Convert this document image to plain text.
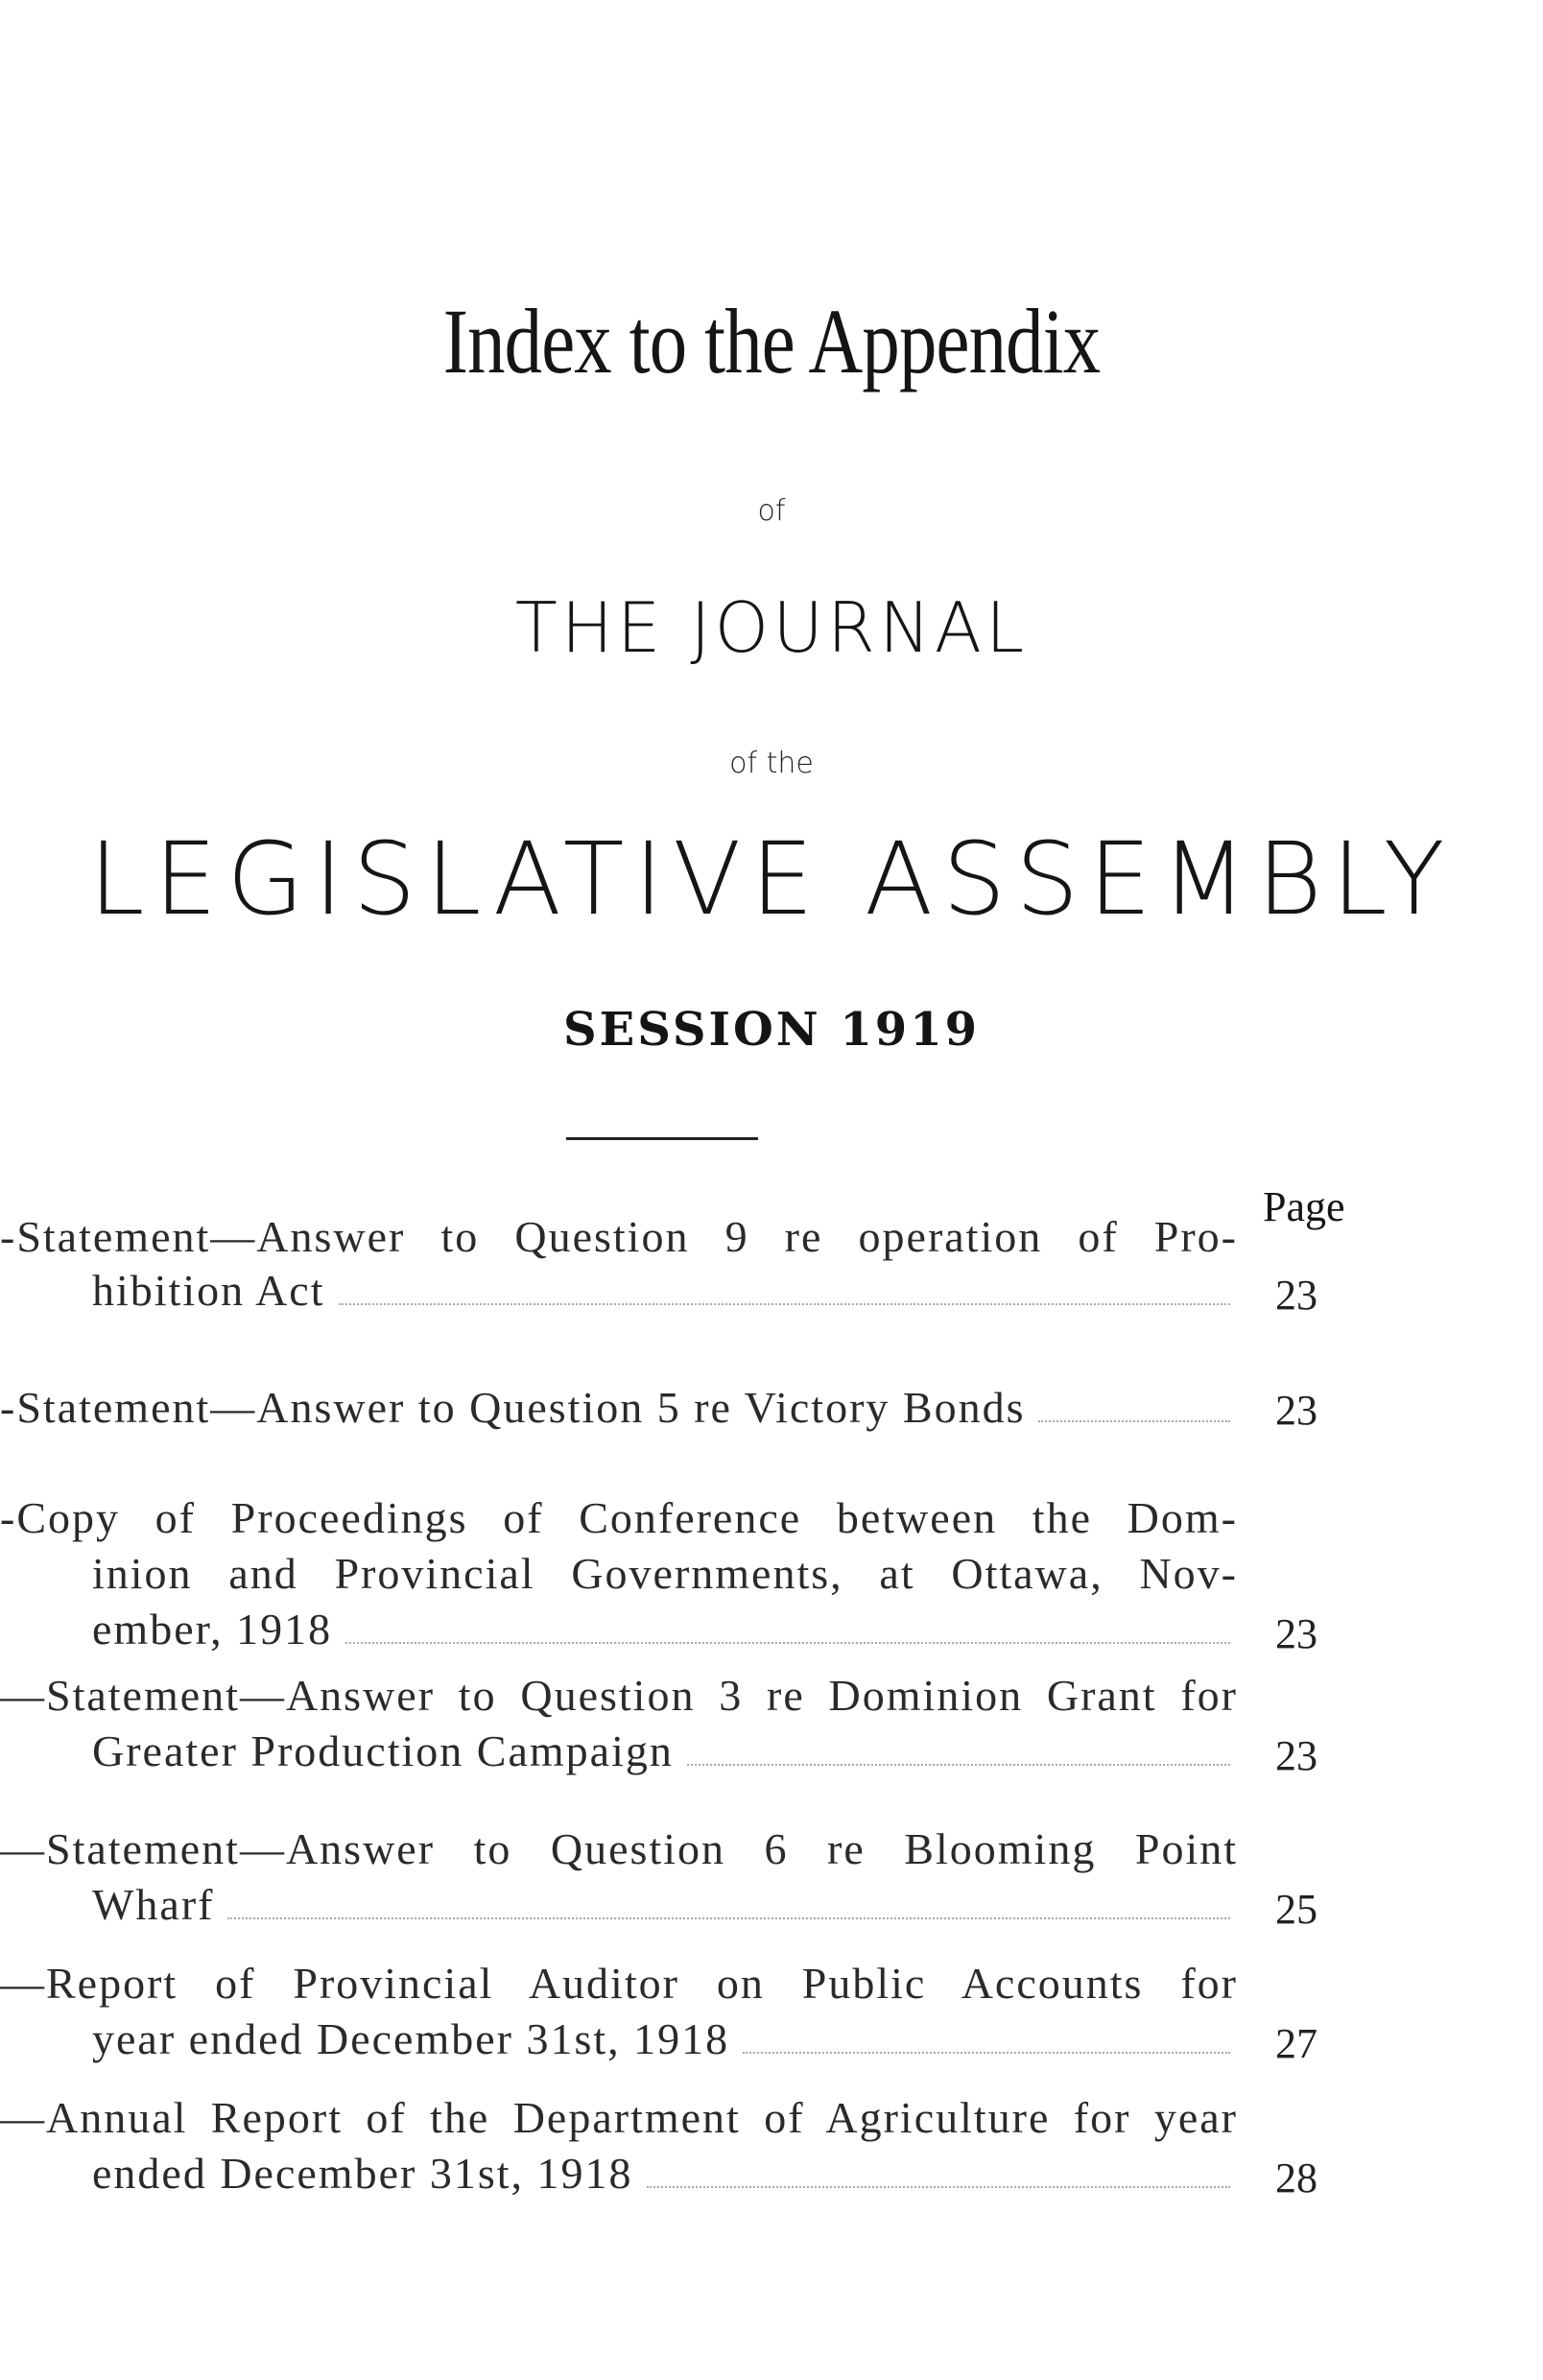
Index to the Appendix
of
THE JOURNAL
of the
LEGISLATIVE ASSEMBLY
SESSION 1919
Page
-Statement—Answer to Question 9 re operation of Pro-
hibition Act	23
-Statement—Answer to Question 5 re Victory Bonds	23
-Copy of Proceedings of Conference between the Dom-
inion and Provincial Governments, at Ottawa, Nov-
ember, 1918	23
—Statement—Answer to Question 3 re Dominion Grant for
Greater Production Campaign	23
—Statement—Answer to Question 6 re Blooming Point
Wharf	25
—Report of Provincial Auditor on Public Accounts for
year ended December 31st, 1918	27
—Annual Report of the Department of Agriculture for year
ended December 31st, 1918	28
